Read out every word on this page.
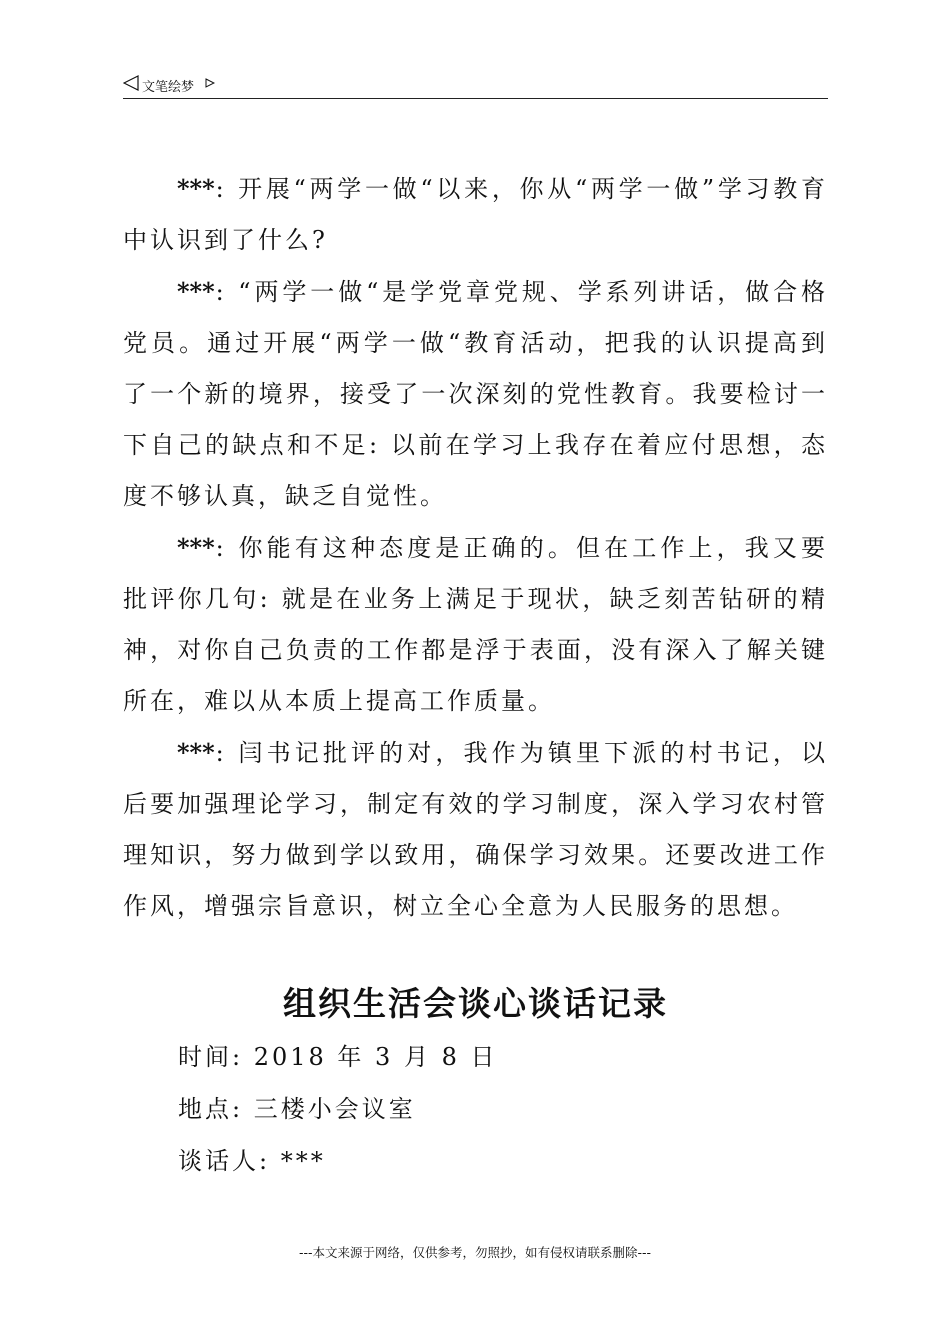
文笔绘梦

***: 开展“两学一做“以来，你从“两学一做”学习教育中认识到了什么?

***: “两学一做“是学党章党规、学系列讲话，做合格党员。通过开展“两学一做“教育活动，把我的认识提高到了一个新的境界，接受了一次深刻的党性教育。我要检讨一下自己的缺点和不足: 以前在学习上我存在着应付思想，态度不够认真，缺乏自觉性。

***: 你能有这种态度是正确的。但在工作上，我又要批评你几句: 就是在业务上满足于现状，缺乏刻苦钻研的精神，对你自己负责的工作都是浮于表面，没有深入了解关键所在，难以从本质上提高工作质量。

***: 闫书记批评的对，我作为镇里下派的村书记，以后要加强理论学习，制定有效的学习制度，深入学习农村管理知识，努力做到学以致用，确保学习效果。还要改进工作作风，增强宗旨意识，树立全心全意为人民服务的思想。

组织生活会谈心谈话记录
时间: 2018 年 3 月 8 日
地点: 三楼小会议室
谈话人: ***
---本文来源于网络，仅供参考，勿照抄，如有侵权请联系删除---
